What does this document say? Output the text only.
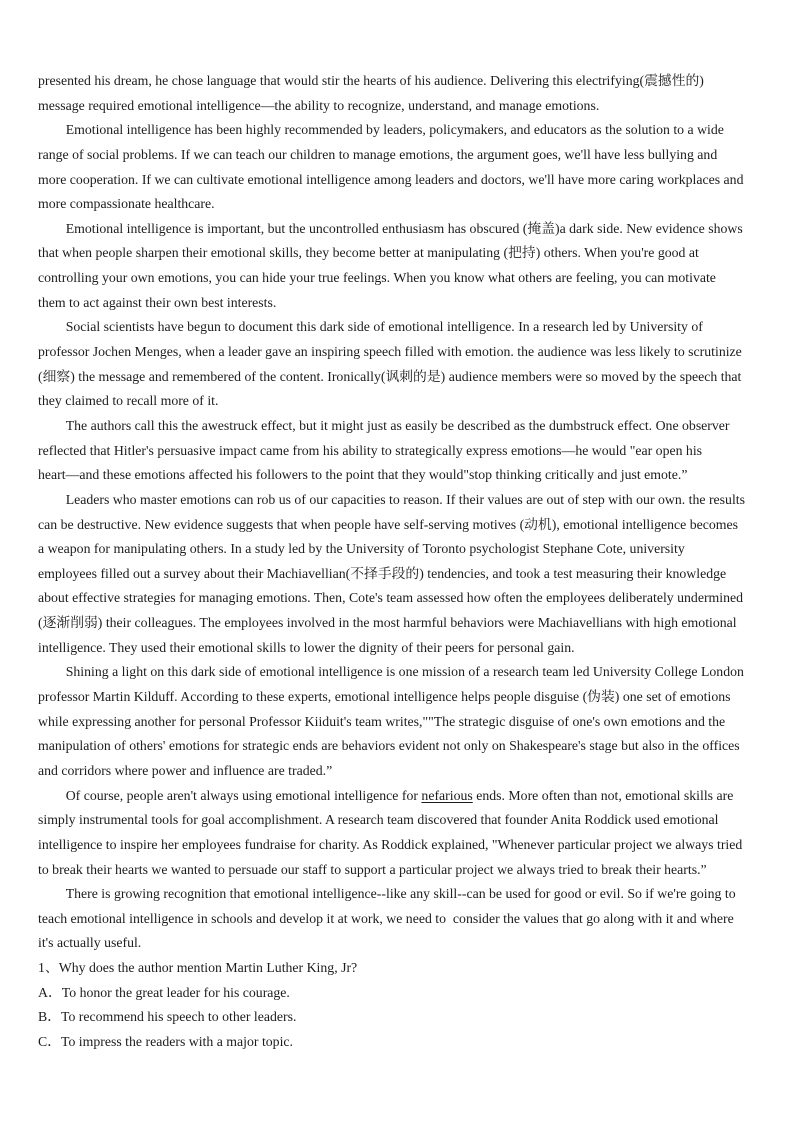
presented his dream, he chose language that would stir the hearts of his audience. Delivering this electrifying(震撼性的)
message required emotional intelligence—the ability to recognize, understand, and manage emotions.
Emotional intelligence has been highly recommended by leaders, policymakers, and educators as the solution to a wide
range of social problems. If we can teach our children to manage emotions, the argument goes, we'll have less bullying and
more cooperation. If we can cultivate emotional intelligence among leaders and doctors, we'll have more caring workplaces and
more compassionate healthcare.
Emotional intelligence is important, but the uncontrolled enthusiasm has obscured (掩盖)a dark side. New evidence shows
that when people sharpen their emotional skills, they become better at manipulating (把持) others. When you're good at
controlling your own emotions, you can hide your true feelings. When you know what others are feeling, you can motivate
them to act against their own best interests.
Social scientists have begun to document this dark side of emotional intelligence. In a research led by University of
professor Jochen Menges, when a leader gave an inspiring speech filled with emotion. the audience was less likely to scrutinize
(细察) the message and remembered of the content. Ironically(讽刺的是) audience members were so moved by the speech that
they claimed to recall more of it.
The authors call this the awestruck effect, but it might just as easily be described as the dumbstruck effect. One observer
reflected that Hitler's persuasive impact came from his ability to strategically express emotions—he would "ear open his
heart—and these emotions affected his followers to the point that they would"stop thinking critically and just emote.”
Leaders who master emotions can rob us of our capacities to reason. If their values are out of step with our own. the results
can be destructive. New evidence suggests that when people have self-serving motives (动机), emotional intelligence becomes
a weapon for manipulating others. In a study led by the University of Toronto psychologist Stephane Cote, university
employees filled out a survey about their Machiavellian(不择手段的) tendencies, and took a test measuring their knowledge
about effective strategies for managing emotions. Then, Cote's team assessed how often the employees deliberately undermined
(逐渐削弱) their colleagues. The employees involved in the most harmful behaviors were Machiavellians with high emotional
intelligence. They used their emotional skills to lower the dignity of their peers for personal gain.
Shining a light on this dark side of emotional intelligence is one mission of a research team led University College London
professor Martin Kilduff. According to these experts, emotional intelligence helps people disguise (伪装) one set of emotions
while expressing another for personal Professor Kiiduit's team writes,""The strategic disguise of one's own emotions and the
manipulation of others' emotions for strategic ends are behaviors evident not only on Shakespeare's stage but also in the offices
and corridors where power and influence are traded.”
Of course, people aren't always using emotional intelligence for nefarious ends. More often than not, emotional skills are
simply instrumental tools for goal accomplishment. A research team discovered that founder Anita Roddick used emotional
intelligence to inspire her employees fundraise for charity. As Roddick explained, "Whenever particular project we always tried
to break their hearts we wanted to persuade our staff to support a particular project we always tried to break their hearts.”
There is growing recognition that emotional intelligence--like any skill--can be used for good or evil. So if we're going to
teach emotional intelligence in schools and develop it at work, we need to  consider the values that go along with it and where
it's actually useful.
1、Why does the author mention Martin Luther King, Jr?
A．To honor the great leader for his courage.
B．To recommend his speech to other leaders.
C．To impress the readers with a major topic.
